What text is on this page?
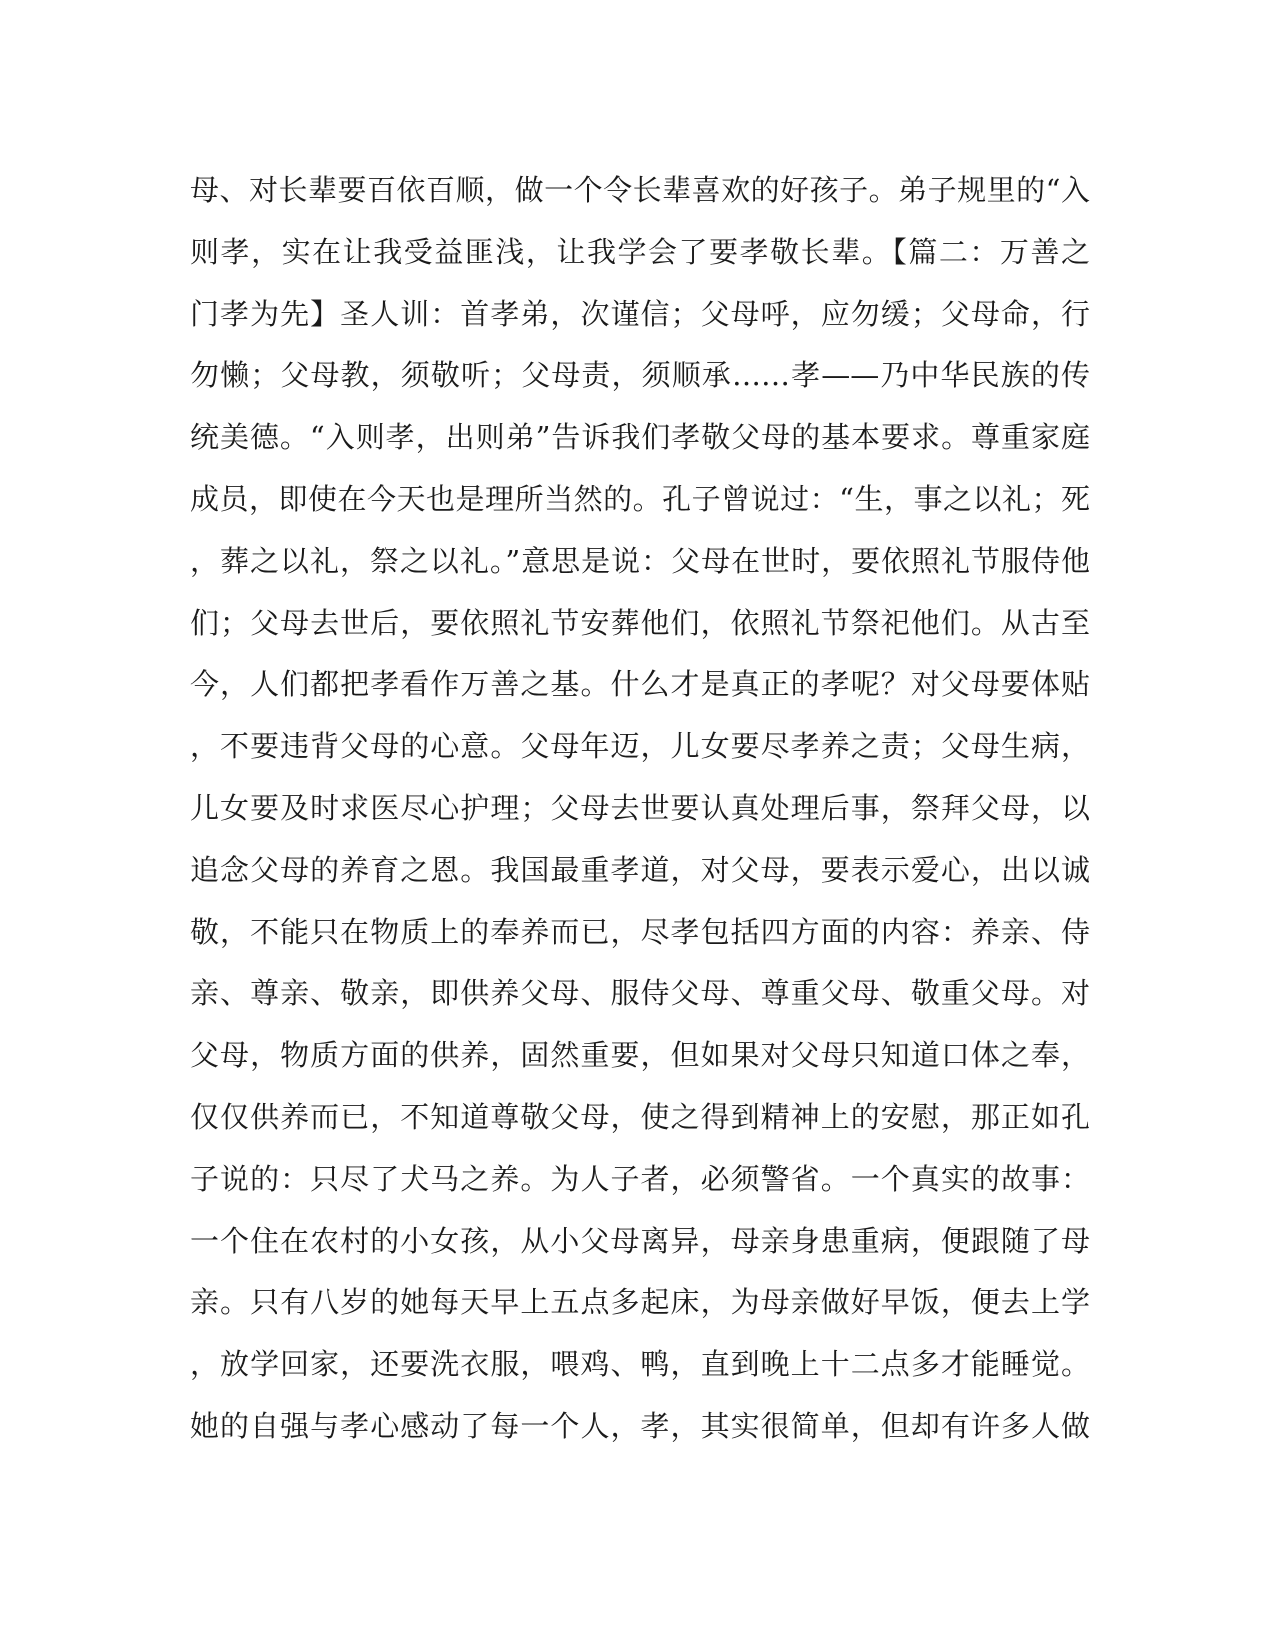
母、对长辈要百依百顺，做一个令长辈喜欢的好孩子。弟子规里的“入
则孝，实在让我受益匪浅，让我学会了要孝敬长辈。【篇二：万善之
门孝为先】圣人训：首孝弟，次谨信；父母呼，应勿缓；父母命，行
勿懒；父母教，须敬听；父母责，须顺承……孝——乃中华民族的传
统美德。“入则孝，出则弟”告诉我们孝敬父母的基本要求。尊重家庭
成员，即使在今天也是理所当然的。孔子曾说过：“生，事之以礼；死
，葬之以礼，祭之以礼。”意思是说：父母在世时，要依照礼节服侍他
们；父母去世后，要依照礼节安葬他们，依照礼节祭祀他们。从古至
今，人们都把孝看作万善之基。什么才是真正的孝呢？对父母要体贴
，不要违背父母的心意。父母年迈，儿女要尽孝养之责；父母生病，
儿女要及时求医尽心护理；父母去世要认真处理后事，祭拜父母，以
追念父母的养育之恩。我国最重孝道，对父母，要表示爱心，出以诚
敬，不能只在物质上的奉养而已，尽孝包括四方面的内容：养亲、侍
亲、尊亲、敬亲，即供养父母、服侍父母、尊重父母、敬重父母。对
父母，物质方面的供养，固然重要，但如果对父母只知道口体之奉，
仅仅供养而已，不知道尊敬父母，使之得到精神上的安慰，那正如孔
子说的：只尽了犬马之养。为人子者，必须警省。一个真实的故事：
一个住在农村的小女孩，从小父母离异，母亲身患重病，便跟随了母
亲。只有八岁的她每天早上五点多起床，为母亲做好早饭，便去上学
，放学回家，还要洗衣服，喂鸡、鸭，直到晚上十二点多才能睡觉。
她的自强与孝心感动了每一个人，孝，其实很简单，但却有许多人做
